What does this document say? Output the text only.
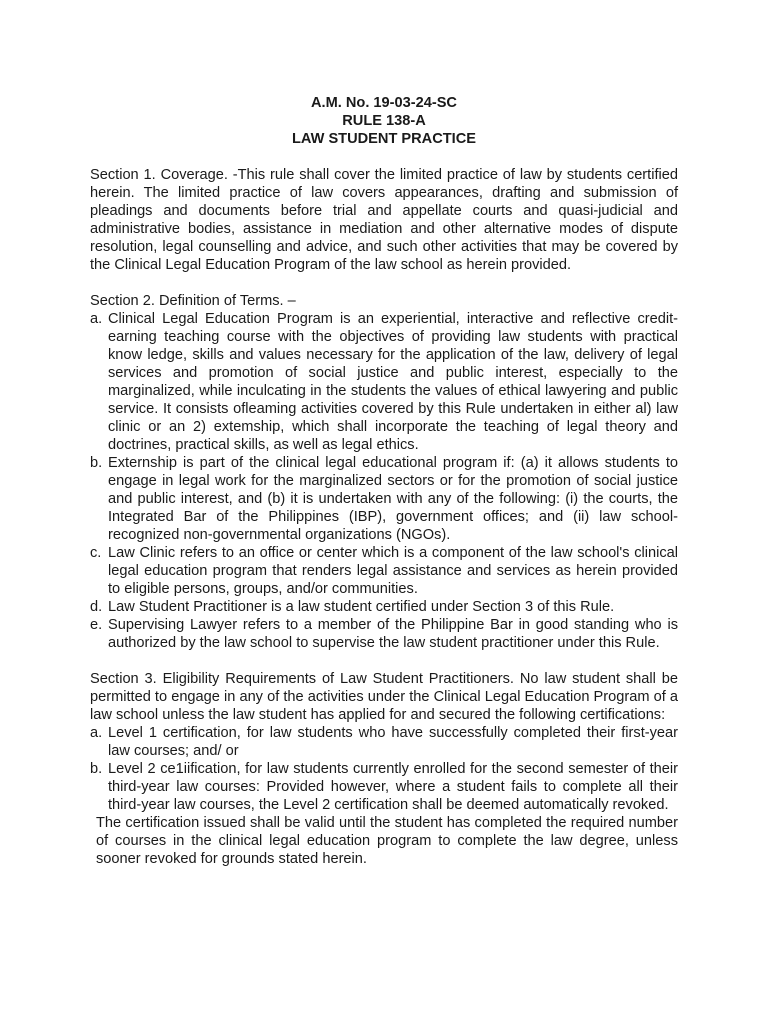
A.M. No. 19-03-24-SC
RULE 138-A
LAW STUDENT PRACTICE

Section 1. Coverage. -This rule shall cover the limited practice of law by students certified herein. The limited practice of law covers appearances, drafting and submission of pleadings and documents before trial and appellate courts and quasi-judicial and administrative bodies, assistance in mediation and other alternative modes of dispute resolution, legal counselling and advice, and such other activities that may be covered by the Clinical Legal Education Program of the law school as herein provided.

Section 2. Definition of Terms. –

a. Clinical Legal Education Program is an experiential, interactive and reflective credit-earning teaching course with the objectives of providing law students with practical know ledge, skills and values necessary for the application of the law, delivery of legal services and promotion of social justice and public interest, especially to the marginalized, while inculcating in the students the values of ethical lawyering and public service. It consists ofleaming activities covered by this Rule undertaken in either al) law clinic or an 2) extemship, which shall incorporate the teaching of legal theory and doctrines, practical skills, as well as legal ethics.
b. Externship is part of the clinical legal educational program if: (a) it allows students to engage in legal work for the marginalized sectors or for the promotion of social justice and public interest, and (b) it is undertaken with any of the following: (i) the courts, the Integrated Bar of the Philippines (IBP), government offices; and (ii) law school-recognized non-governmental organizations (NGOs).
c. Law Clinic refers to an office or center which is a component of the law school's clinical legal education program that renders legal assistance and services as herein provided to eligible persons, groups, and/or communities.
d. Law Student Practitioner is a law student certified under Section 3 of this Rule.
e. Supervising Lawyer refers to a member of the Philippine Bar in good standing who is authorized by the law school to supervise the law student practitioner under this Rule.

Section 3. Eligibility Requirements of Law Student Practitioners. No law student shall be permitted to engage in any of the activities under the Clinical Legal Education Program of a law school unless the law student has applied for and secured the following certifications:

a. Level 1 certification, for law students who have successfully completed their first-year law courses; and/ or
b. Level 2 ce1iification, for law students currently enrolled for the second semester of their third-year law courses: Provided however, where a student fails to complete all their third-year law courses, the Level 2 certification shall be deemed automatically revoked.

The certification issued shall be valid until the student has completed the required number of courses in the clinical legal education program to complete the law degree, unless sooner revoked for grounds stated herein.
